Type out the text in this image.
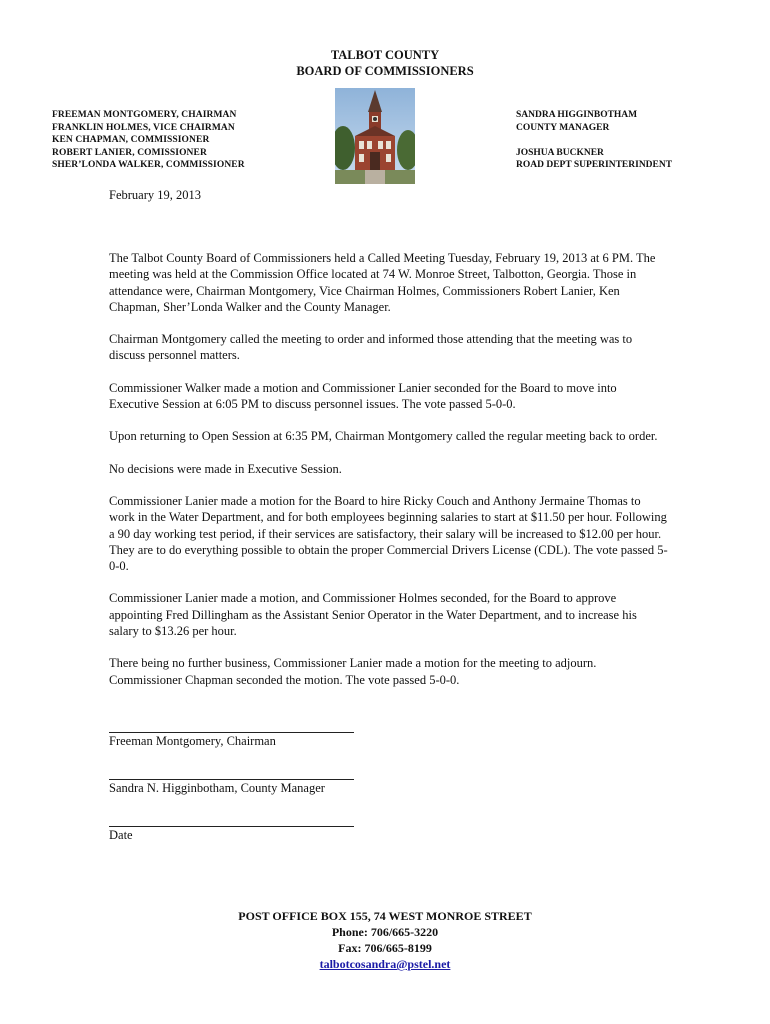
TALBOT COUNTY
BOARD OF COMMISSIONERS
FREEMAN MONTGOMERY, CHAIRMAN
FRANKLIN HOLMES, VICE CHAIRMAN
KEN CHAPMAN, COMMISSIONER
ROBERT LANIER, COMISSIONER
SHER’LONDA WALKER, COMMISSIONER
SANDRA HIGGINBOTHAM
COUNTY MANAGER
JOSHUA BUCKNER
ROAD DEPT SUPERINTERINDENT
February 19, 2013

The Talbot County Board of Commissioners held a Called Meeting Tuesday, February 19, 2013 at 6 PM. The meeting was held at the Commission Office located at 74 W. Monroe Street, Talbotton, Georgia. Those in attendance were, Chairman Montgomery, Vice Chairman Holmes, Commissioners Robert Lanier, Ken Chapman, Sher’Londa Walker and the County Manager.

Chairman Montgomery called the meeting to order and informed those attending that the meeting was to discuss personnel matters.

Commissioner Walker made a motion and Commissioner Lanier seconded for the Board to move into Executive Session at 6:05 PM to discuss personnel issues. The vote passed 5-0-0.

Upon returning to Open Session at 6:35 PM, Chairman Montgomery called the regular meeting back to order.

No decisions were made in Executive Session.

Commissioner Lanier made a motion for the Board to hire Ricky Couch and Anthony Jermaine Thomas to work in the Water Department, and for both employees beginning salaries to start at $11.50 per hour. Following a 90 day working test period, if their services are satisfactory, their salary will be increased to $12.00 per hour. They are to do everything possible to obtain the proper Commercial Drivers License (CDL). The vote passed 5-0-0.

Commissioner Lanier made a motion, and Commissioner Holmes seconded, for the Board to approve appointing Fred Dillingham as the Assistant Senior Operator in the Water Department, and to increase his salary to $13.26 per hour.

There being no further business, Commissioner Lanier made a motion for the meeting to adjourn. Commissioner Chapman seconded the motion. The vote passed 5-0-0.

Freeman Montgomery, Chairman
Sandra N. Higginbotham, County Manager
Date
POST OFFICE BOX 155, 74 WEST MONROE STREET
Phone: 706/665-3220
Fax: 706/665-8199
talbotcosandra@pstel.net
